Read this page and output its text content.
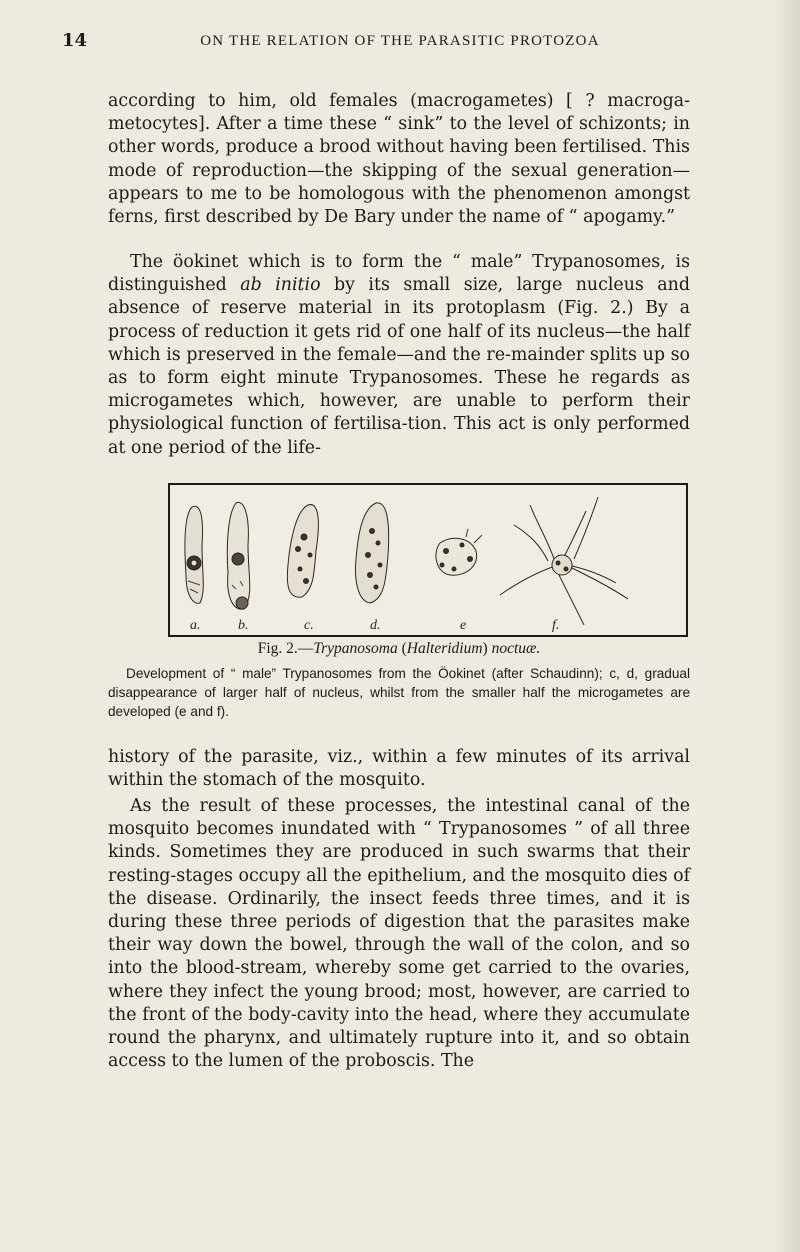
14	ON THE RELATION OF THE PARASITIC PROTOZOA

according to him, old females (macrogametes) [ ? macroga-metocytes]. After a time these “ sink” to the level of schizonts; in other words, produce a brood without having been fertilised. This mode of reproduction—the skipping of the sexual generation—appears to me to be homologous with the phenomenon amongst ferns, first described by De Bary under the name of “ apogamy.”

The öokinet which is to form the “ male” Trypanosomes, is distinguished ab initio by its small size, large nucleus and absence of reserve material in its protoplasm (Fig. 2.) By a process of reduction it gets rid of one half of its nucleus—the half which is preserved in the female—and the re-mainder splits up so as to form eight minute Trypanosomes. These he regards as microgametes which, however, are unable to perform their physiological function of fertilisa-tion. This act is only performed at one period of the life-

a.	b.	c.	d.	e	f.
Fig. 2.—Trypanosoma (Halteridium) noctuæ.
Development of “ male” Trypanosomes from the Öokinet (after Schaudinn); c, d, gradual disappearance of larger half of nucleus, whilst from the smaller half the microgametes are developed (e and f).

history of the parasite, viz., within a few minutes of its arrival within the stomach of the mosquito.

As the result of these processes, the intestinal canal of the mosquito becomes inundated with “ Trypanosomes ” of all three kinds. Sometimes they are produced in such swarms that their resting-stages occupy all the epithelium, and the mosquito dies of the disease. Ordinarily, the insect feeds three times, and it is during these three periods of digestion that the parasites make their way down the bowel, through the wall of the colon, and so into the blood-stream, whereby some get carried to the ovaries, where they infect the young brood; most, however, are carried to the front of the body-cavity into the head, where they accumulate round the pharynx, and ultimately rupture into it, and so obtain access to the lumen of the proboscis. The
